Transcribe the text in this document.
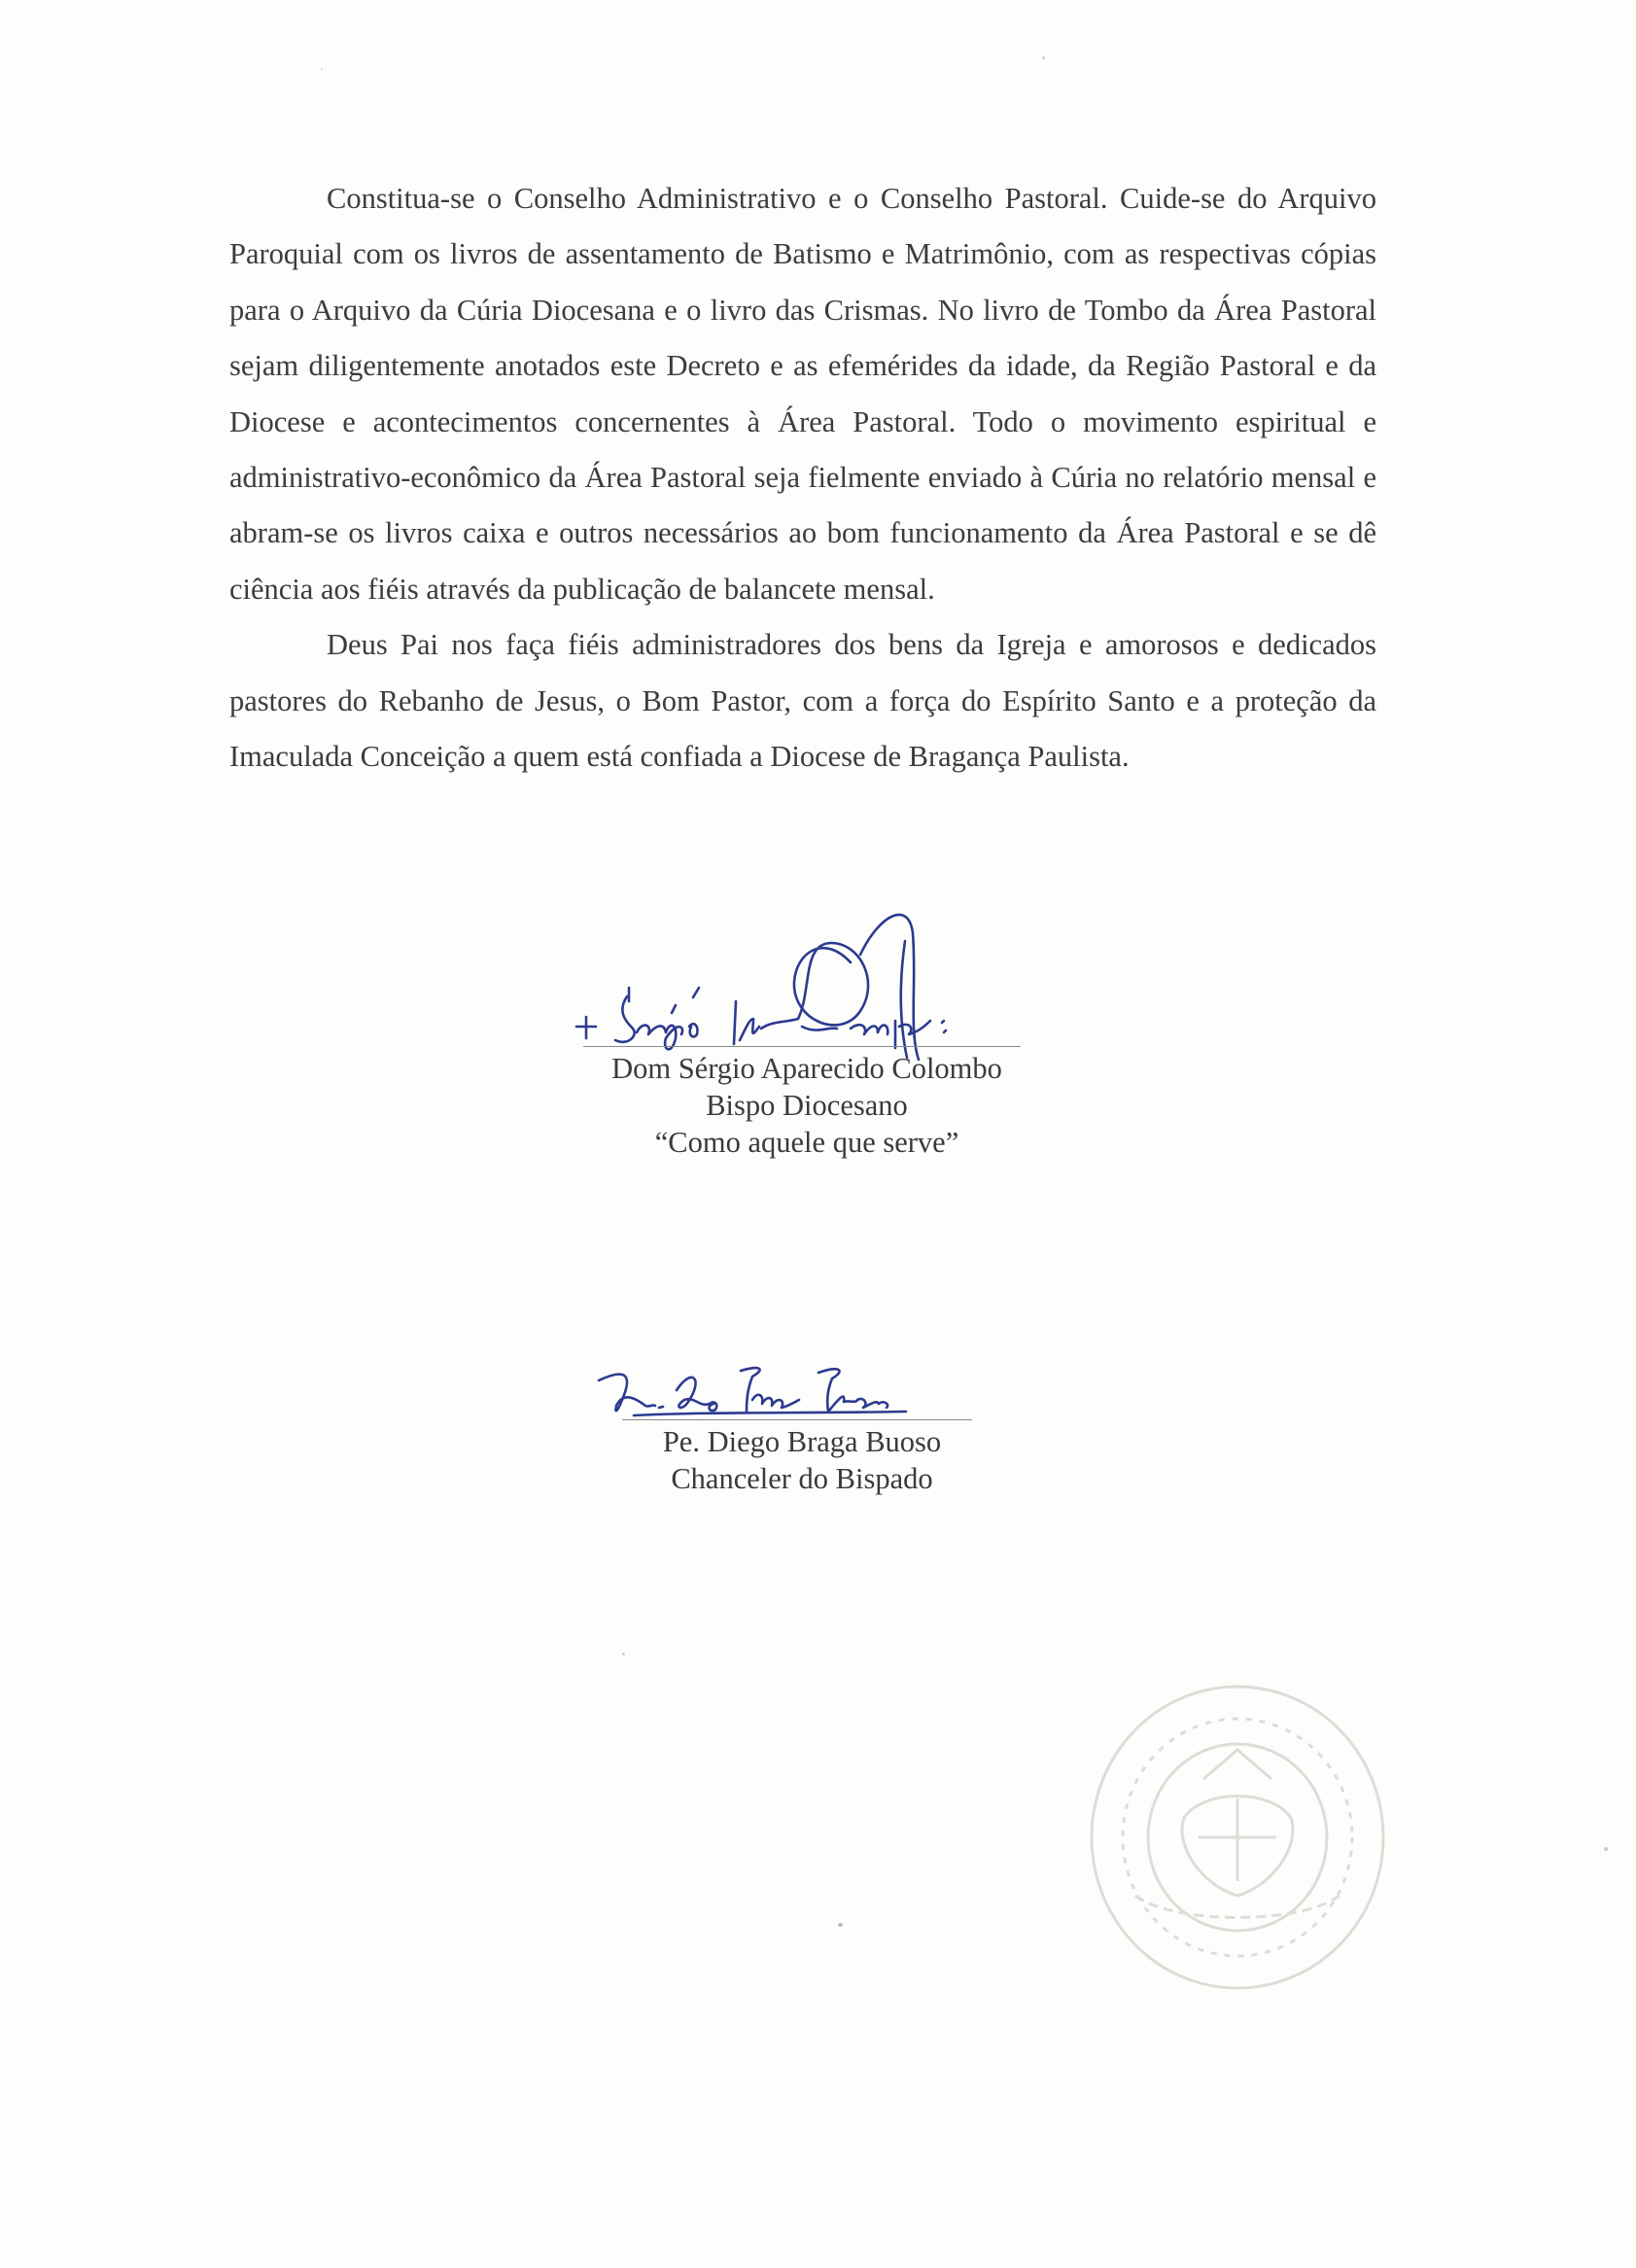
Constitua-se o Conselho Administrativo e o Conselho Pastoral. Cuide-se do Arquivo Paroquial com os livros de assentamento de Batismo e Matrimônio, com as respectivas cópias para o Arquivo da Cúria Diocesana e o livro das Crismas. No livro de Tombo da Área Pastoral sejam diligentemente anotados este Decreto e as efemérides da idade, da Região Pastoral e da Diocese e acontecimentos concernentes à Área Pastoral. Todo o movimento espiritual e administrativo-econômico da Área Pastoral seja fielmente enviado à Cúria no relatório mensal e abram-se os livros caixa e outros necessários ao bom funcionamento da Área Pastoral e se dê ciência aos fiéis através da publicação de balancete mensal.

Deus Pai nos faça fiéis administradores dos bens da Igreja e amorosos e dedicados pastores do Rebanho de Jesus, o Bom Pastor, com a força do Espírito Santo e a proteção da Imaculada Conceição a quem está confiada a Diocese de Bragança Paulista.

Dom Sérgio Aparecido Colombo
Bispo Diocesano
“Como aquele que serve”
Pe. Diego Braga Buoso
Chanceler do Bispado
